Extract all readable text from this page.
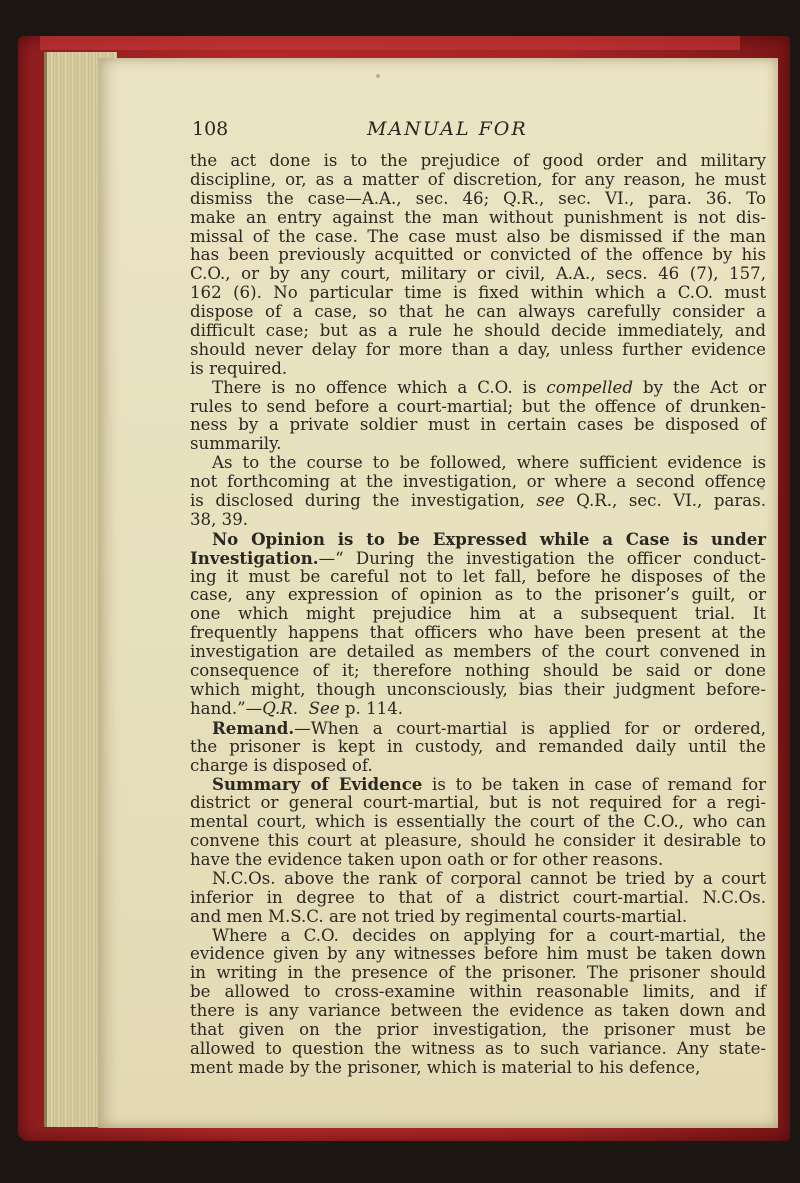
108	MANUAL FOR
the act done is to the prejudice of good order and military
discipline, or, as a matter of discretion, for any reason, he must
dismiss the case—A.A., sec. 46; Q.R., sec. VI., para. 36. To
make an entry against the man without punishment is not dis-
missal of the case. The case must also be dismissed if the man
has been previously acquitted or convicted of the offence by his
C.O., or by any court, military or civil, A.A., secs. 46 (7), 157,
162 (6). No particular time is fixed within which a C.O. must
dispose of a case, so that he can always carefully consider a
difficult case; but as a rule he should decide immediately, and
should never delay for more than a day, unless further evidence
is required.
There is no offence which a C.O. is compelled by the Act or
rules to send before a court-martial; but the offence of drunken-
ness by a private soldier must in certain cases be disposed of
summarily.
As to the course to be followed, where sufficient evidence is
not forthcoming at the investigation, or where a second offence
is disclosed during the investigation, see Q.R., sec. VI., paras.
38, 39.
No Opinion is to be Expressed while a Case is under
Investigation.—“ During the investigation the officer conduct-
ing it must be careful not to let fall, before he disposes of the
case, any expression of opinion as to the prisoner’s guilt, or
one which might prejudice him at a subsequent trial. It
frequently happens that officers who have been present at the
investigation are detailed as members of the court convened in
consequence of it; therefore nothing should be said or done
which might, though unconsciously, bias their judgment before-
hand.”—Q.R. See p. 114.
Remand.—When a court-martial is applied for or ordered,
the prisoner is kept in custody, and remanded daily until the
charge is disposed of.
Summary of Evidence is to be taken in case of remand for
district or general court-martial, but is not required for a regi-
mental court, which is essentially the court of the C.O., who can
convene this court at pleasure, should he consider it desirable to
have the evidence taken upon oath or for other reasons.
N.C.Os. above the rank of corporal cannot be tried by a court
inferior in degree to that of a district court-martial. N.C.Os.
and men M.S.C. are not tried by regimental courts-martial.
Where a C.O. decides on applying for a court-martial, the
evidence given by any witnesses before him must be taken down
in writing in the presence of the prisoner. The prisoner should
be allowed to cross-examine within reasonable limits, and if
there is any variance between the evidence as taken down and
that given on the prior investigation, the prisoner must be
allowed to question the witness as to such variance. Any state-
ment made by the prisoner, which is material to his defence,
